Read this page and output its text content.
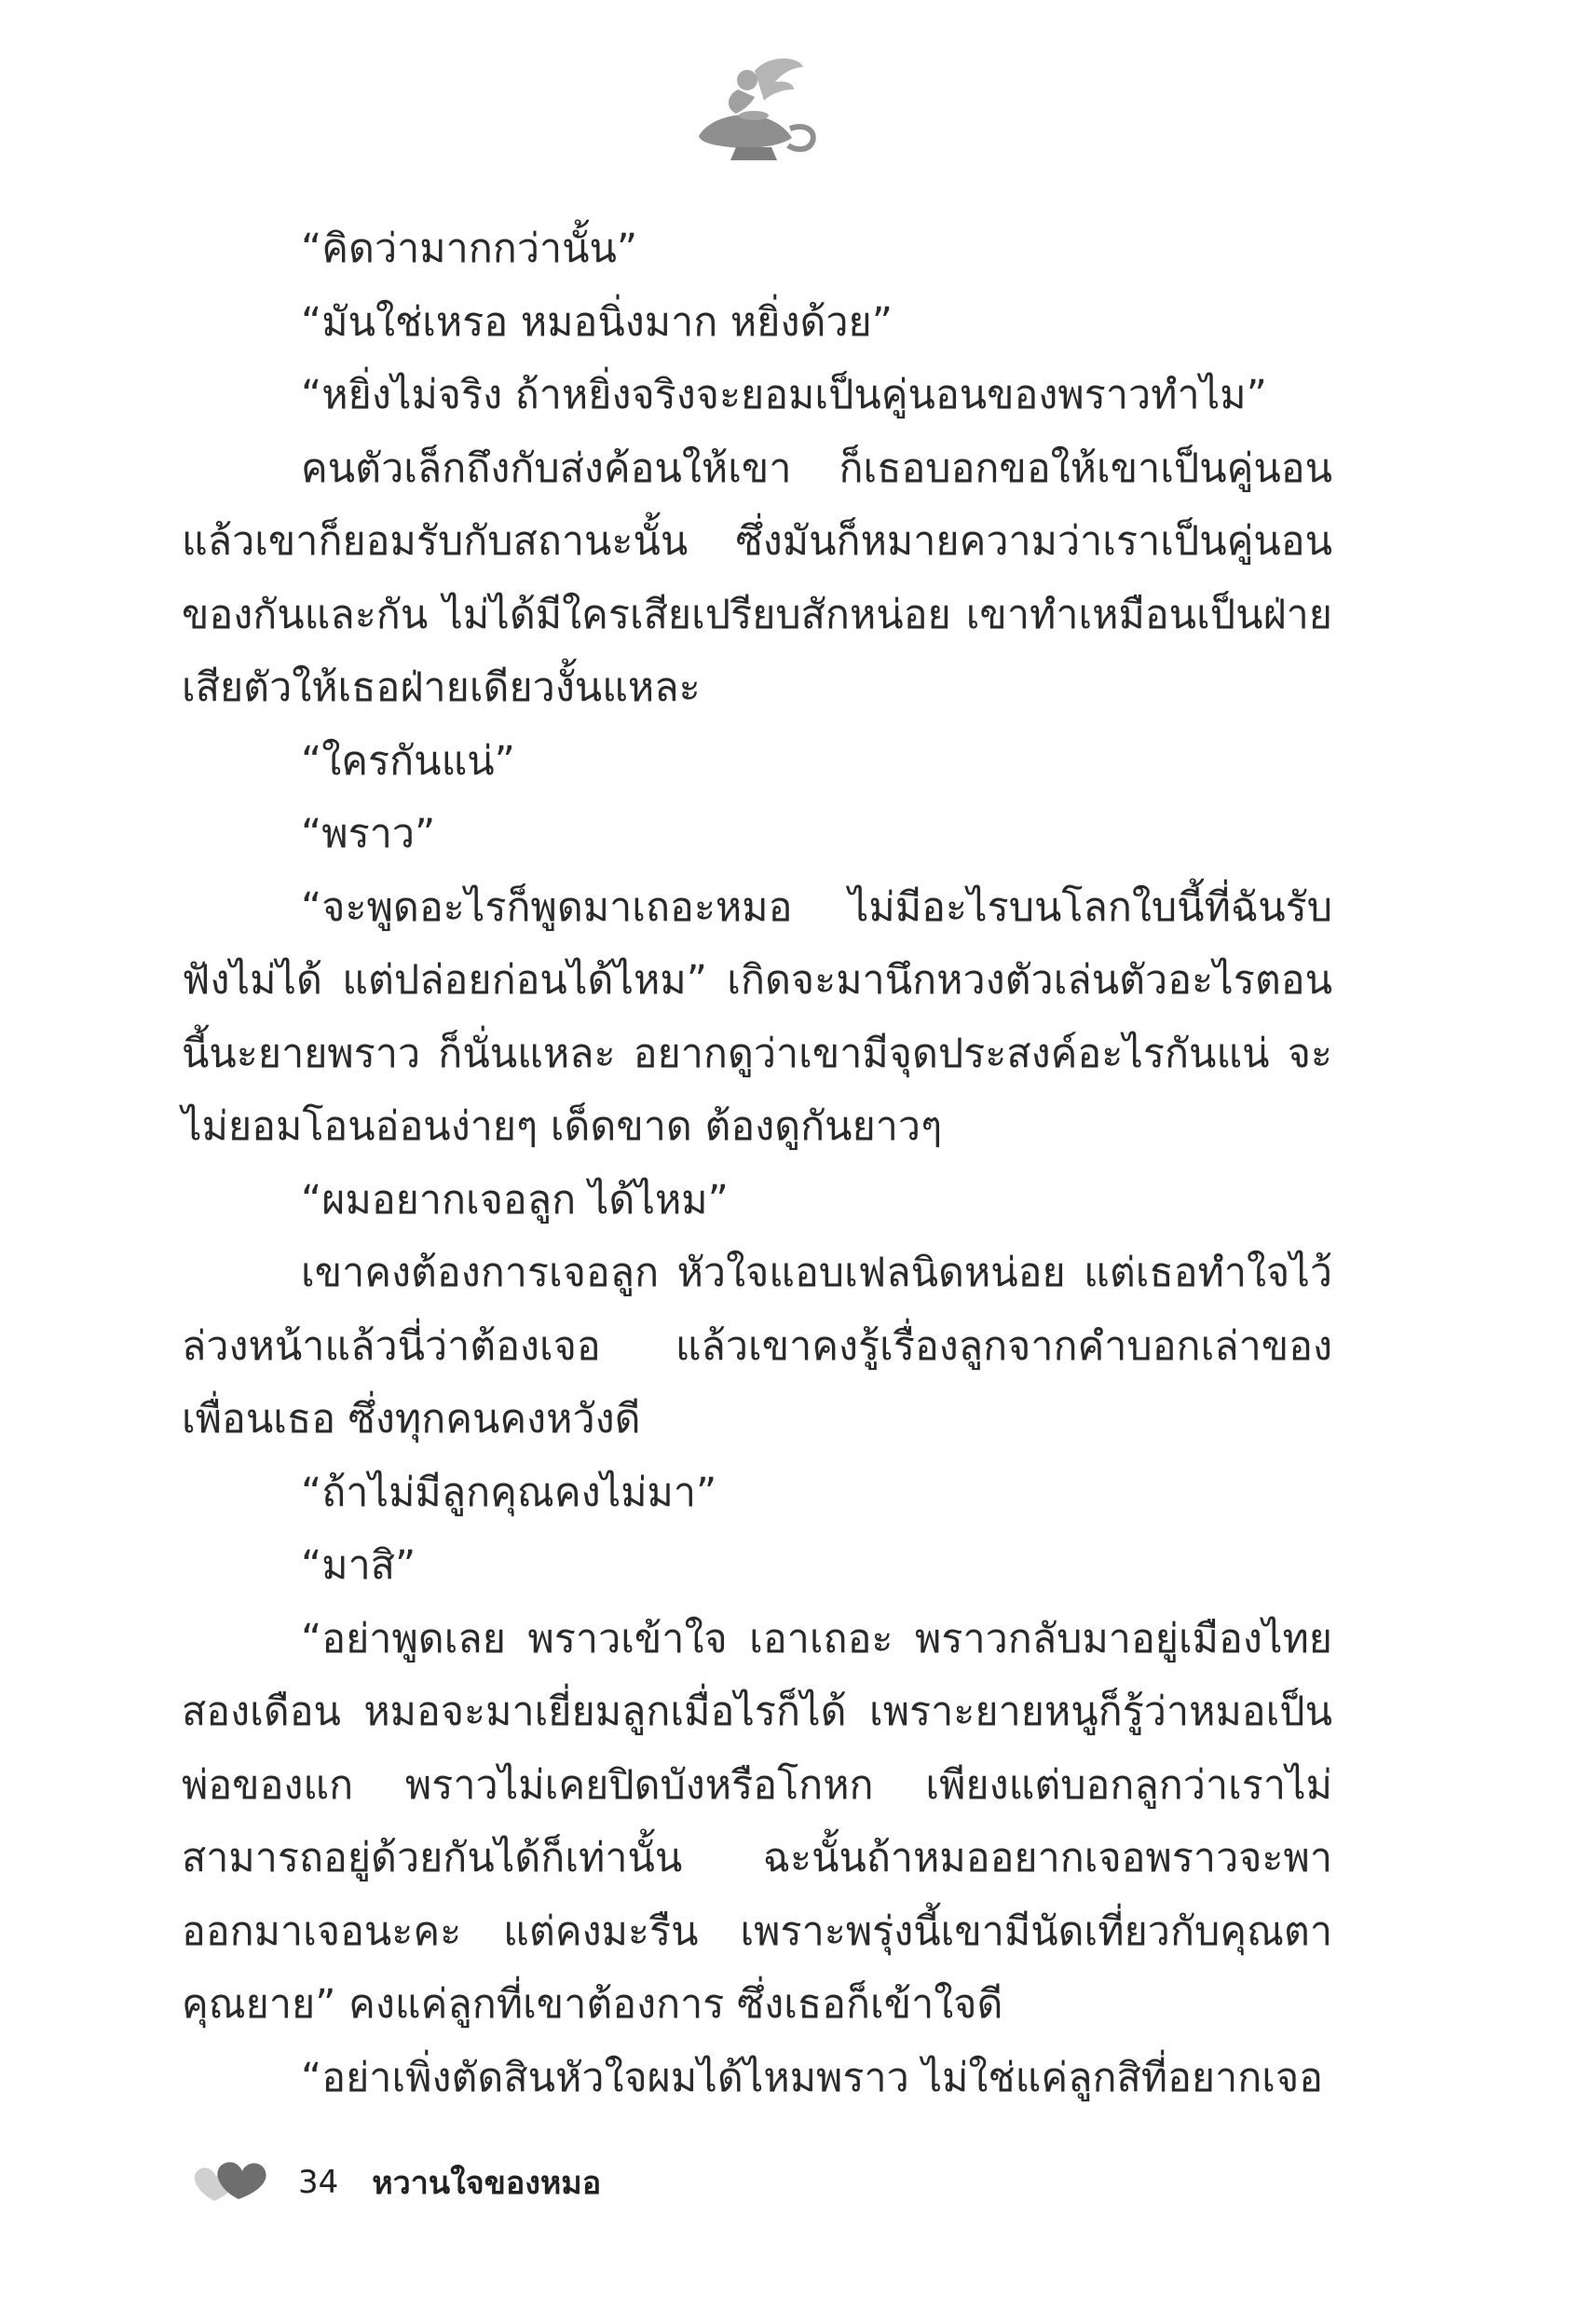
“คิดว่ามากกว่านั้น”

“มันใช่เหรอ หมอนิ่งมาก หยิ่งด้วย”

“หยิ่งไม่จริง ถ้าหยิ่งจริงจะยอมเป็นคู่นอนของพราวทำไม”

คนตัวเล็กถึงกับส่งค้อนให้เขา ก็เธอบอกขอให้เขาเป็นคู่นอน แล้วเขาก็ยอมรับกับสถานะนั้น ซึ่งมันก็หมายความว่าเราเป็นคู่นอนของกันและกัน ไม่ได้มีใครเสียเปรียบสักหน่อย เขาทำเหมือนเป็นฝ่ายเสียตัวให้เธอฝ่ายเดียวงั้นแหละ

“ใครกันแน่”

“พราว”

“จะพูดอะไรก็พูดมาเถอะหมอ ไม่มีอะไรบนโลกใบนี้ที่ฉันรับฟังไม่ได้ แต่ปล่อยก่อนได้ไหม” เกิดจะมานึกหวงตัวเล่นตัวอะไรตอนนี้นะยายพราว ก็นั่นแหละ อยากดูว่าเขามีจุดประสงค์อะไรกันแน่ จะไม่ยอมโอนอ่อนง่ายๆ เด็ดขาด ต้องดูกันยาวๆ

“ผมอยากเจอลูก ได้ไหม”

เขาคงต้องการเจอลูก หัวใจแอบเฟลนิดหน่อย แต่เธอทำใจไว้ล่วงหน้าแล้วนี่ว่าต้องเจอ แล้วเขาคงรู้เรื่องลูกจากคำบอกเล่าของเพื่อนเธอ ซึ่งทุกคนคงหวังดี

“ถ้าไม่มีลูกคุณคงไม่มา”

“มาสิ”

“อย่าพูดเลย พราวเข้าใจ เอาเถอะ พราวกลับมาอยู่เมืองไทยสองเดือน หมอจะมาเยี่ยมลูกเมื่อไรก็ได้ เพราะยายหนูก็รู้ว่าหมอเป็นพ่อของแก พราวไม่เคยปิดบังหรือโกหก เพียงแต่บอกลูกว่าเราไม่สามารถอยู่ด้วยกันได้ก็เท่านั้น ฉะนั้นถ้าหมออยากเจอพราวจะพาออกมาเจอนะคะ แต่คงมะรืน เพราะพรุ่งนี้เขามีนัดเที่ยวกับคุณตาคุณยาย” คงแค่ลูกที่เขาต้องการ ซึ่งเธอก็เข้าใจดี

“อย่าเพิ่งตัดสินหัวใจผมได้ไหมพราว ไม่ใช่แค่ลูกสิที่อยากเจอ

34 หวานใจของหมอ
